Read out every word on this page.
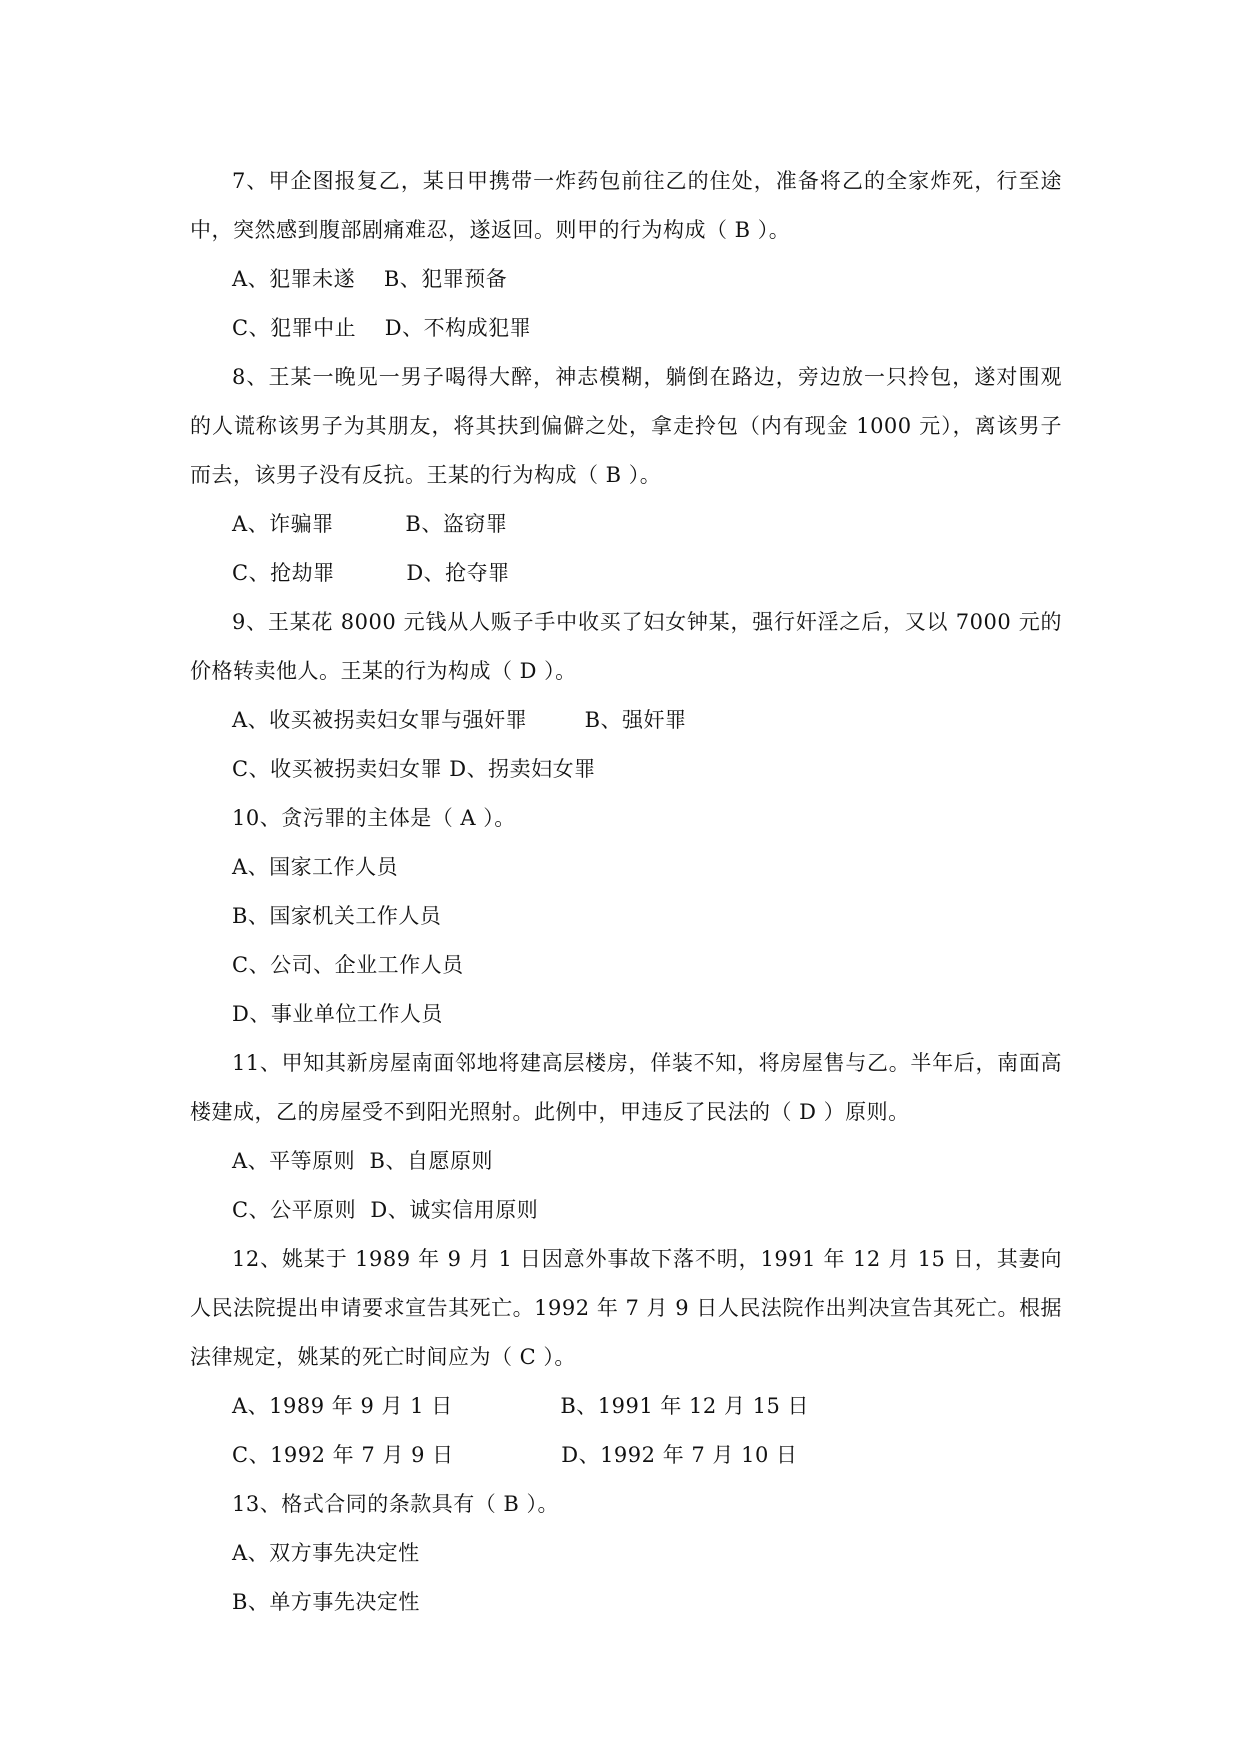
7、甲企图报复乙，某日甲携带一炸药包前往乙的住处，准备将乙的全家炸死，行至途中，突然感到腹部剧痛难忍，遂返回。则甲的行为构成（ B ）。

A、犯罪未遂    B、犯罪预备

C、犯罪中止    D、不构成犯罪

8、王某一晚见一男子喝得大醉，神志模糊，躺倒在路边，旁边放一只拎包，遂对围观的人谎称该男子为其朋友，将其扶到偏僻之处，拿走拎包（内有现金 1000 元），离该男子而去，该男子没有反抗。王某的行为构成（ B ）。

A、诈骗罪          B、盗窃罪

C、抢劫罪          D、抢夺罪

9、王某花 8000 元钱从人贩子手中收买了妇女钟某，强行奸淫之后，又以 7000 元的价格转卖他人。王某的行为构成（ D ）。

A、收买被拐卖妇女罪与强奸罪        B、强奸罪

C、收买被拐卖妇女罪 D、拐卖妇女罪

10、贪污罪的主体是（ A ）。

A、国家工作人员

B、国家机关工作人员

C、公司、企业工作人员

D、事业单位工作人员

11、甲知其新房屋南面邻地将建高层楼房，佯装不知，将房屋售与乙。半年后，南面高楼建成，乙的房屋受不到阳光照射。此例中，甲违反了民法的（ D ）原则。

A、平等原则  B、自愿原则

C、公平原则  D、诚实信用原则

12、姚某于 1989 年 9 月 1 日因意外事故下落不明，1991 年 12 月 15 日，其妻向人民法院提出申请要求宣告其死亡。1992 年 7 月 9 日人民法院作出判决宣告其死亡。根据法律规定，姚某的死亡时间应为（ C ）。

A、1989 年 9 月 1 日               B、1991 年 12 月 15 日

C、1992 年 7 月 9 日               D、1992 年 7 月 10 日

13、格式合同的条款具有（ B ）。

A、双方事先决定性

B、单方事先决定性
